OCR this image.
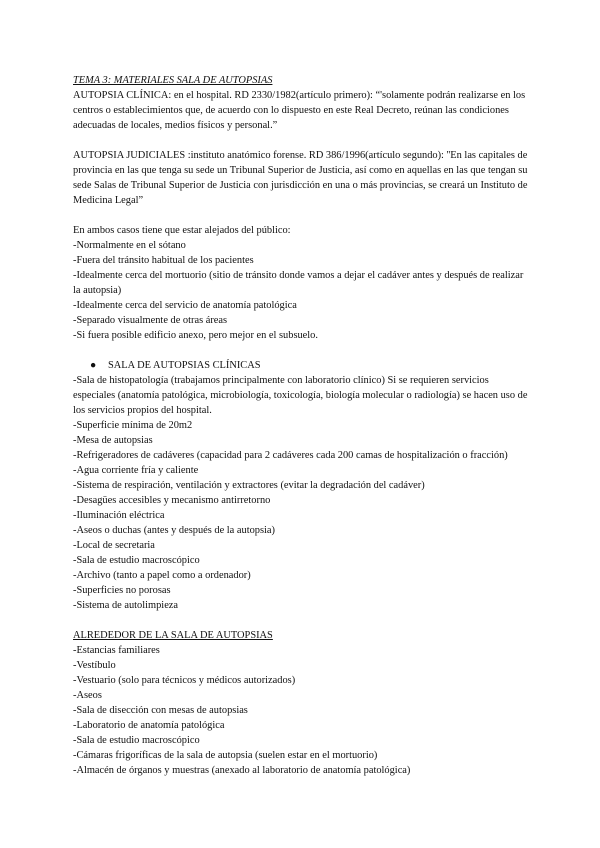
TEMA 3: MATERIALES SALA DE AUTOPSIAS

AUTOPSIA CLÍNICA: en el hospital. RD 2330/1982(artículo primero): “'solamente podrán realizarse en los centros o establecimientos que, de acuerdo con lo dispuesto en este Real Decreto, reúnan las condiciones adecuadas de locales, medios físicos y personal.”

AUTOPSIA JUDICIALES :instituto anatómico forense. RD 386/1996(artículo segundo): ''En las capitales de provincia en las que tenga su sede un Tribunal Superior de Justicia, así como en aquellas en las que tengan su sede Salas de Tribunal Superior de Justicia con jurisdicción en una o más provincias, se creará un Instituto de Medicina Legal”

En ambos casos tiene que estar alejados del público:
-Normalmente en el sótano
-Fuera del tránsito habitual de los pacientes
-Idealmente cerca del mortuorio (sitio de tránsito donde vamos a dejar el cadáver antes y después de realizar la autopsia)
-Idealmente cerca del servicio de anatomía patológica
-Separado visualmente de otras áreas
-Si fuera posible edificio anexo, pero mejor en el subsuelo.
●	SALA DE AUTOPSIAS CLÍNICAS
-Sala de histopatología (trabajamos principalmente con laboratorio clínico) Si se requieren servicios especiales (anatomía patológica, microbiología, toxicología, biología molecular o radiología) se hacen uso de los servicios propios del hospital.
-Superficie mínima de 20m2
-Mesa de autopsias
-Refrigeradores de cadáveres (capacidad para 2 cadáveres cada 200 camas de hospitalización o fracción)
-Agua corriente fría y caliente
-Sistema de respiración, ventilación y extractores (evitar la degradación del cadáver)
-Desagües accesibles y mecanismo antirretorno
-Iluminación eléctrica
-Aseos o duchas (antes y después de la autopsia)
-Local de secretaria
-Sala de estudio macroscópico
-Archivo (tanto a papel como a ordenador)
-Superficies no porosas
-Sistema de autolimpieza
ALREDEDOR DE LA SALA DE AUTOPSIAS
-Estancias familiares
-Vestíbulo
-Vestuario (solo para técnicos y médicos autorizados)
-Aseos
-Sala de disección con mesas de autopsias
-Laboratorio de anatomía patológica
-Sala de estudio macroscópico
-Cámaras frigoríficas de la sala de autopsia (suelen estar en el mortuorio)
-Almacén de órganos y muestras (anexado al laboratorio de anatomía patológica)
